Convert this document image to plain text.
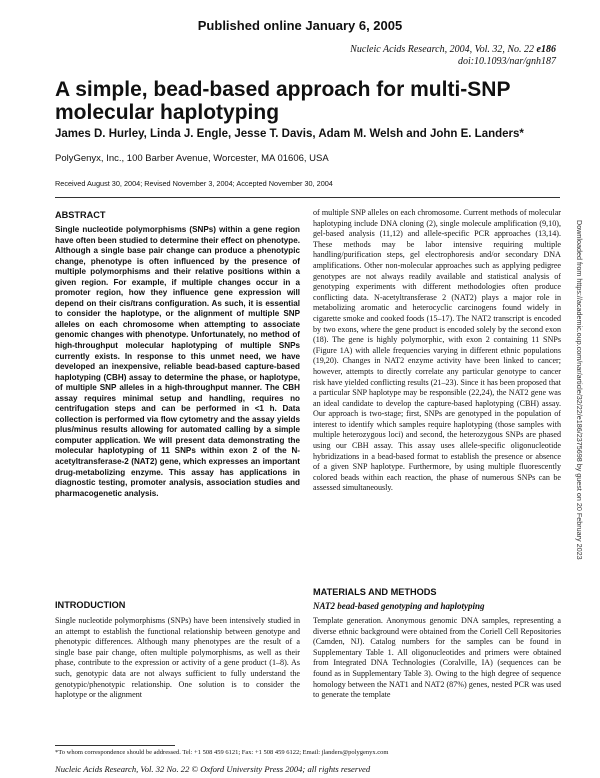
Published online January 6, 2005
Nucleic Acids Research, 2004, Vol. 32, No. 22 e186
doi:10.1093/nar/gnh187
A simple, bead-based approach for multi-SNP molecular haplotyping
James D. Hurley, Linda J. Engle, Jesse T. Davis, Adam M. Welsh and John E. Landers*
PolyGenyx, Inc., 100 Barber Avenue, Worcester, MA 01606, USA
Received August 30, 2004; Revised November 3, 2004; Accepted November 30, 2004
ABSTRACT
Single nucleotide polymorphisms (SNPs) within a gene region have often been studied to determine their effect on phenotype. Although a single base pair change can produce a phenotypic change, phenotype is often influenced by the presence of multiple polymorphisms and their relative positions within a given region. For example, if multiple changes occur in a promoter region, how they influence gene expression will depend on their cis/trans configuration. As such, it is essential to consider the haplotype, or the alignment of multiple SNP alleles on each chromosome when attempting to associate genomic changes with phenotype. Unfortunately, no method of high-throughput molecular haplotyping of multiple SNPs currently exists. In response to this unmet need, we have developed an inexpensive, reliable bead-based capture-based haplotyping (CBH) assay to determine the phase, or haplotype, of multiple SNP alleles in a high-throughput manner. The CBH assay requires minimal setup and handling, requires no centrifugation steps and can be performed in <1 h. Data collection is performed via flow cytometry and the assay yields plus/minus results allowing for automated calling by a simple computer application. We will present data demonstrating the molecular haplotyping of 11 SNPs within exon 2 of the N-acetyltransferase-2 (NAT2) gene, which expresses an important drug-metabolizing enzyme. This assay has applications in diagnostic testing, promoter analysis, association studies and pharmacogenetic analysis.
INTRODUCTION
Single nucleotide polymorphisms (SNPs) have been intensively studied in an attempt to establish the functional relationship between genotype and phenotypic differences. Although many phenotypes are the result of a single base pair change, often multiple polymorphisms, as well as their phase, contribute to the expression or activity of a gene product (1–8). As such, genotypic data are not always sufficient to fully understand the genotypic/phenotypic relationship. One solution is to consider the haplotype or the alignment
of multiple SNP alleles on each chromosome. Current methods of molecular haplotyping include DNA cloning (2), single molecule amplification (9,10), gel-based analysis (11,12) and allele-specific PCR approaches (13,14). These methods may be labor intensive requiring multiple handling/purification steps, gel electrophoresis and/or secondary DNA amplifications. Other non-molecular approaches such as applying pedigree genotypes are not always readily available and statistical analysis of genotyping experiments with different methodologies often produce conflicting data. N-acetyltransferase 2 (NAT2) plays a major role in metabolizing aromatic and heterocyclic carcinogens found widely in cigarette smoke and cooked foods (15–17). The NAT2 transcript is encoded by two exons, where the gene product is encoded solely by the second exon (18). The gene is highly polymorphic, with exon 2 containing 11 SNPs (Figure 1A) with allele frequencies varying in different ethnic populations (19,20). Changes in NAT2 enzyme activity have been linked to cancer; however, attempts to directly correlate any particular genotype to cancer risk have yielded conflicting results (21–23). Since it has been proposed that a particular SNP haplotype may be responsible (22,24), the NAT2 gene was an ideal candidate to develop the capture-based haplotyping (CBH) assay. Our approach is two-stage; first, SNPs are genotyped in the population of interest to identify which samples require haplotyping (those samples with multiple heterozygous loci) and second, the heterozygous SNPs are phased using our CBH assay. This assay uses allele-specific oligonucleotide hybridizations in a bead-based format to establish the presence or absence of a given SNP haplotype. Furthermore, by using multiple fluorescently colored beads within each reaction, the phase of numerous SNPs can be assessed simultaneously.
MATERIALS AND METHODS
NAT2 bead-based genotyping and haplotyping
Template generation. Anonymous genomic DNA samples, representing a diverse ethnic background were obtained from the Coriell Cell Repositories (Camden, NJ). Catalog numbers for the samples can be found in Supplementary Table 1. All oligonucleotides and primers were obtained from Integrated DNA Technologies (Coralville, IA) (sequences can be found as in Supplementary Table 3). Owing to the high degree of sequence homology between the NAT1 and NAT2 (87%) genes, nested PCR was used to generate the template
*To whom correspondence should be addressed. Tel: +1 508 459 6121; Fax: +1 508 459 6122; Email: jlanders@polygenyx.com
Nucleic Acids Research, Vol. 32 No. 22 © Oxford University Press 2004; all rights reserved
Downloaded from https://academic.oup.com/nar/article/32/22/e186/2375698 by guest on 20 February 2023
